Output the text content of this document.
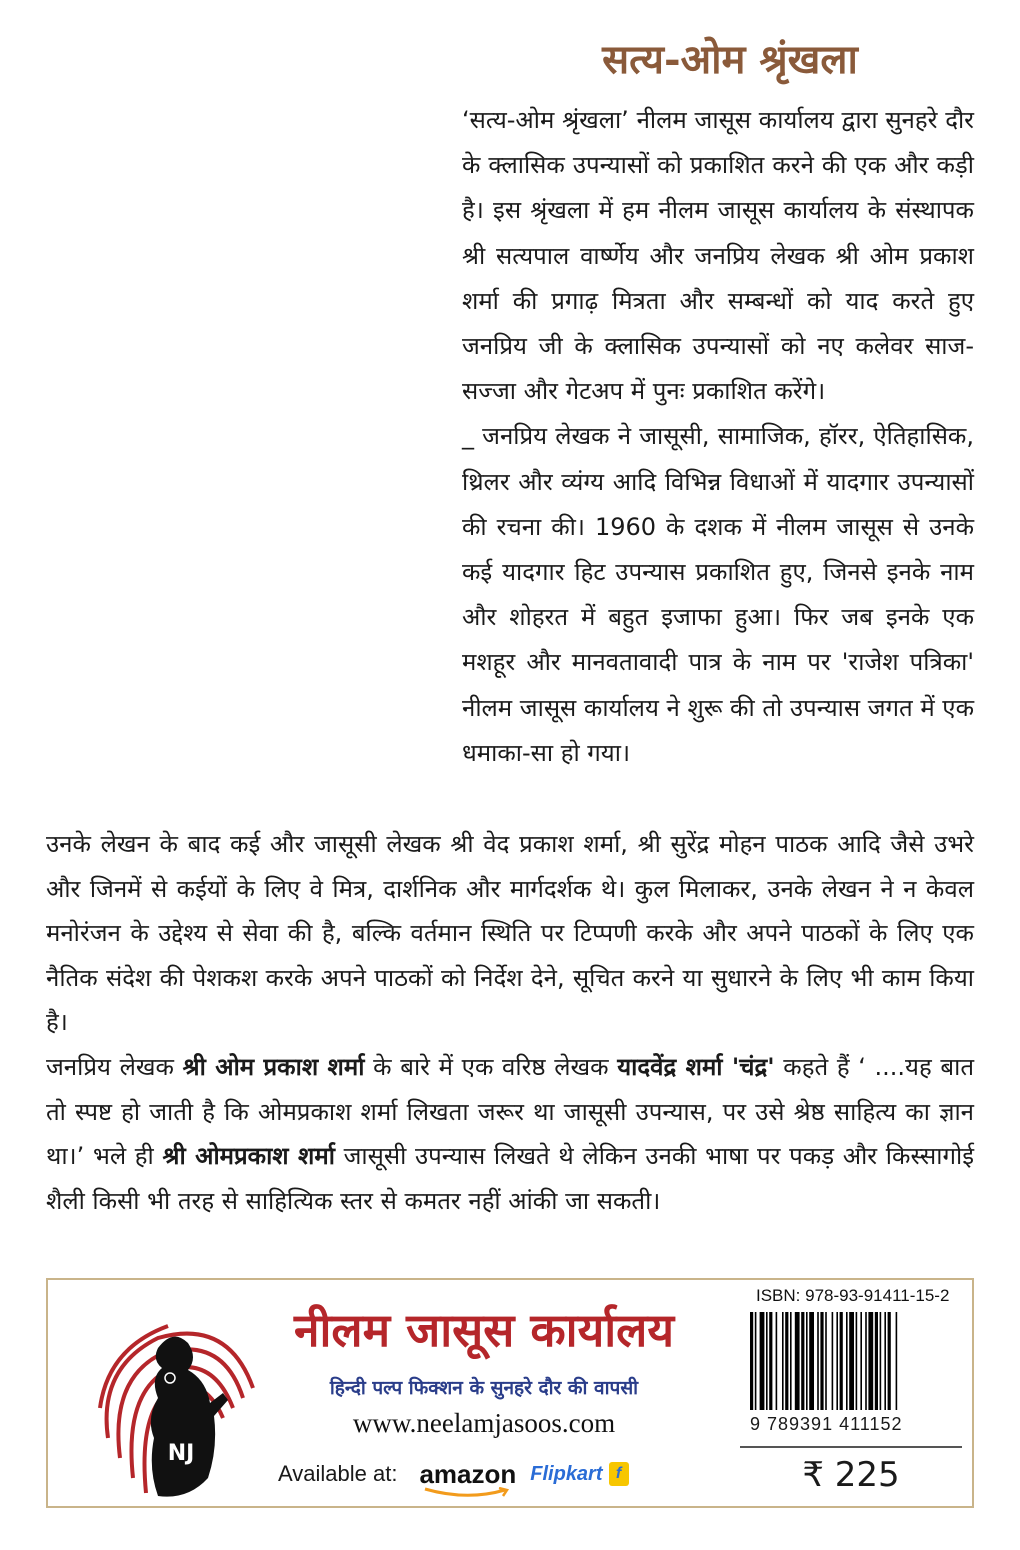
सत्य-ओम श्रृंखला

‘सत्य-ओम श्रृंखला’ नीलम जासूस कार्यालय द्वारा सुनहरे दौर के क्लासिक उपन्यासों को प्रकाशित करने की एक और कड़ी है। इस श्रृंखला में हम नीलम जासूस कार्यालय के संस्थापक श्री सत्यपाल वार्ष्णेय और जनप्रिय लेखक श्री ओम प्रकाश शर्मा की प्रगाढ़ मित्रता और सम्बन्धों को याद करते हुए जनप्रिय जी के क्लासिक उपन्यासों को नए कलेवर साज-सज्जा और गेटअप में पुनः प्रकाशित करेंगे।

_ जनप्रिय लेखक ने जासूसी, सामाजिक, हॉरर, ऐतिहासिक, थ्रिलर और व्यंग्य आदि विभिन्न विधाओं में यादगार उपन्यासों की रचना की। 1960 के दशक में नीलम जासूस से उनके कई यादगार हिट उपन्यास प्रकाशित हुए, जिनसे इनके नाम और शोहरत में बहुत इजाफा हुआ। फिर जब इनके एक मशहूर और मानवतावादी पात्र के नाम पर 'राजेश पत्रिका' नीलम जासूस कार्यालय ने शुरू की तो उपन्यास जगत में एक धमाका-सा हो गया।

उनके लेखन के बाद कई और जासूसी लेखक श्री वेद प्रकाश शर्मा, श्री सुरेंद्र मोहन पाठक आदि जैसे उभरे और जिनमें से कईयों के लिए वे मित्र, दार्शनिक और मार्गदर्शक थे। कुल मिलाकर, उनके लेखन ने न केवल मनोरंजन के उद्देश्य से सेवा की है, बल्कि वर्तमान स्थिति पर टिप्पणी करके और अपने पाठकों के लिए एक नैतिक संदेश की पेशकश करके अपने पाठकों को निर्देश देने, सूचित करने या सुधारने के लिए भी काम किया है।

जनप्रिय लेखक श्री ओम प्रकाश शर्मा के बारे में एक वरिष्ठ लेखक यादवेंद्र शर्मा 'चंद्र' कहते हैं ‘ ....यह बात तो स्पष्ट हो जाती है कि ओमप्रकाश शर्मा लिखता जरूर था जासूसी उपन्यास, पर उसे श्रेष्ठ साहित्य का ज्ञान था।’ भले ही श्री ओमप्रकाश शर्मा जासूसी उपन्यास लिखते थे लेकिन उनकी भाषा पर पकड़ और किस्सागोई शैली किसी भी तरह से साहित्यिक स्तर से कमतर नहीं आंकी जा सकती।

NJ
नीलम जासूस कार्यालय
हिन्दी पल्प फिक्शन के सुनहरे दौर की वापसी
www.neelamjasoos.com
Available at: amazon Flipkart f
ISBN: 978-93-91411-15-2
9 789391 411152
₹ 225
